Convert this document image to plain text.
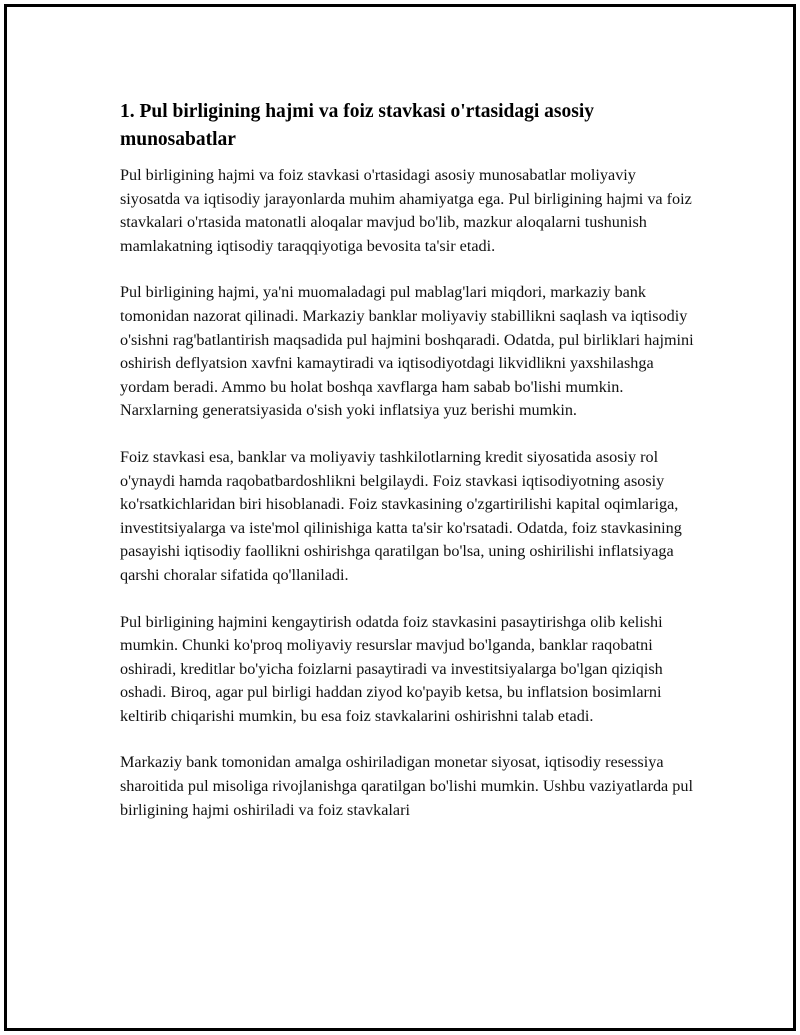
1. Pul birligining hajmi va foiz stavkasi o'rtasidagi asosiy munosabatlar

Pul birligining hajmi va foiz stavkasi o'rtasidagi asosiy munosabatlar moliyaviy siyosatda va iqtisodiy jarayonlarda muhim ahamiyatga ega. Pul birligining hajmi va foiz stavkalari o'rtasida matonatli aloqalar mavjud bo'lib, mazkur aloqalarni tushunish mamlakatning iqtisodiy taraqqiyotiga bevosita ta'sir etadi.

Pul birligining hajmi, ya'ni muomaladagi pul mablag'lari miqdori, markaziy bank tomonidan nazorat qilinadi. Markaziy banklar moliyaviy stabillikni saqlash va iqtisodiy o'sishni rag'batlantirish maqsadida pul hajmini boshqaradi. Odatda, pul birliklari hajmini oshirish deflyatsion xavfni kamaytiradi va iqtisodiyotdagi likvidlikni yaxshilashga yordam beradi. Ammo bu holat boshqa xavflarga ham sabab bo'lishi mumkin. Narxlarning generatsiyasida o'sish yoki inflatsiya yuz berishi mumkin.

Foiz stavkasi esa, banklar va moliyaviy tashkilotlarning kredit siyosatida asosiy rol o'ynaydi hamda raqobatbardoshlikni belgilaydi. Foiz stavkasi iqtisodiyotning asosiy ko'rsatkichlaridan biri hisoblanadi. Foiz stavkasining o'zgartirilishi kapital oqimlariga, investitsiyalarga va iste'mol qilinishiga katta ta'sir ko'rsatadi. Odatda, foiz stavkasining pasayishi iqtisodiy faollikni oshirishga qaratilgan bo'lsa, uning oshirilishi inflatsiyaga qarshi choralar sifatida qo'llaniladi.

Pul birligining hajmini kengaytirish odatda foiz stavkasini pasaytirishga olib kelishi mumkin. Chunki ko'proq moliyaviy resurslar mavjud bo'lganda, banklar raqobatni oshiradi, kreditlar bo'yicha foizlarni pasaytiradi va investitsiyalarga bo'lgan qiziqish oshadi. Biroq, agar pul birligi haddan ziyod ko'payib ketsa, bu inflatsion bosimlarni keltirib chiqarishi mumkin, bu esa foiz stavkalarini oshirishni talab etadi.

Markaziy bank tomonidan amalga oshiriladigan monetar siyosat, iqtisodiy resessiya sharoitida pul misoliga rivojlanishga qaratilgan bo'lishi mumkin. Ushbu vaziyatlarda pul birligining hajmi oshiriladi va foiz stavkalari
